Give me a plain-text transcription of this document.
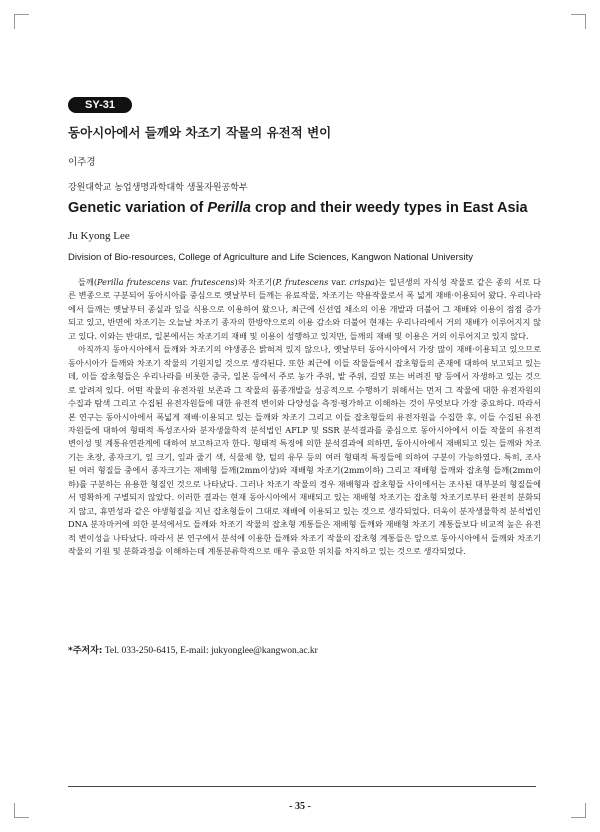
SY-31
동아시아에서 들깨와 차조기 작물의 유전적 변이
이주경
강원대학교 농업생명과학대학 생물자원공학부
Genetic variation of Perilla crop and their weedy types in East Asia
Ju Kyong Lee
Division of Bio-resources, College of Agriculture and Life Sciences, Kangwon National University

들깨(Perilla frutescens var. frutescens)와 차조기(P. frutescens var. crispa)는 일년생의 자식성 작물로 같은 종의 서로 다른 변종으로 구분되어 동아시아를 중심으로 옛날부터 들깨는 유료작물, 차조기는 약용작물로서 폭 넓게 재배·이용되어 왔다. 우리나라에서 들깨는 옛날부터 종실과 잎을 식용으로 이용하여 왔으나, 최근에 신선엽 채소의 이용 개발과 더불어 그 재배와 이용이 점점 증가되고 있고, 반면에 차조기는 오늘날 차조기 종자의 한방약으로의 이용 감소와 더불어 현재는 우리나라에서 거의 재배가 이루어지지 않고 있다. 이와는 반대로, 일본에서는 차조기의 재배 및 이용이 성행하고 있지만, 들깨의 재배 및 이용은 거의 이루어지고 있지 않다.

아직까지 동아시아에서 들깨와 차조기의 야생종은 밝혀져 있지 않으나, 옛날부터 동아시아에서 가장 많이 재배·이용되고 있으므로 동아시아가 들깨와 차조기 작물의 기원지일 것으로 생각된다. 또한 최근에 이들 작물들에서 잡초형들의 존재에 대하여 보고되고 있는데, 이들 잡초형들은 우리나라를 비롯한 중국, 일본 등에서 주로 농가 주위, 밭 주위, 길옆 또는 버려진 땅 등에서 자생하고 있는 것으로 알려져 있다. 어떤 작물의 유전자원 보존과 그 작물의 품종개발을 성공적으로 수행하기 위해서는 먼저 그 작물에 대한 유전자원의 수집과 탐색 그리고 수집된 유전자원들에 대한 유전적 변이와 다양성을 측정·평가하고 이해하는 것이 무엇보다 가장 중요하다. 따라서 본 연구는 동아시아에서 폭넓게 재배·이용되고 있는 들깨와 차조기 그리고 이들 잡초형들의 유전자원을 수집한 후, 이들 수집된 유전자원들에 대하여 형태적 특성조사와 분자생물학적 분석법인 AFLP 및 SSR 분석결과를 중심으로 동아시아에서 이들 작물의 유전적 변이성 및 계통유연관계에 대하여 보고하고자 한다. 형태적 특징에 의한 분석결과에 의하면, 동아시아에서 재배되고 있는 들깨와 차조기는 초장, 종자크기, 잎 크기, 잎과 줄기 색, 식물체 향, 털의 유무 등의 여러 형태적 특징들에 의하여 구분이 가능하였다. 특히, 조사된 여러 형질들 중에서 종자크기는 재배형 들깨(2mm이상)와 재배형 차조기(2mm이하) 그리고 재배형 들깨와 잡초형 들깨(2mm이하)를 구분하는 유용한 형질인 것으로 나타났다. 그러나 차조기 작물의 경우 재배형과 잡초형들 사이에서는 조사된 대부분의 형질들에서 명확하게 구별되지 않았다. 이러한 결과는 현재 동아시아에서 재배되고 있는 재배형 차조기는 잡초형 차조기로부터 완전히 분화되지 않고, 휴면성과 같은 야생형질을 지닌 잡초형들이 그대로 재배에 이용되고 있는 것으로 생각되었다. 더욱이 분자생물학적 분석법인 DNA 분자마커에 의한 분석에서도 들깨와 차조기 작물의 잡초형 계통들은 재배형 들깨와 재배형 차조기 계통들보다 비교적 높은 유전적 변이성을 나타났다. 따라서 본 연구에서 분석에 이용한 들깨와 차조기 작물의 잡초형 계통들은 앞으로 동아시아에서 들깨와 차조기 작물의 기원 및 분화과정을 이해하는데 계통분류학적으로 매우 중요한 위치를 차지하고 있는 것으로 생각되었다.

*주저자: Tel. 033-250-6415, E-mail: jukyonglee@kangwon.ac.kr
- 35 -
